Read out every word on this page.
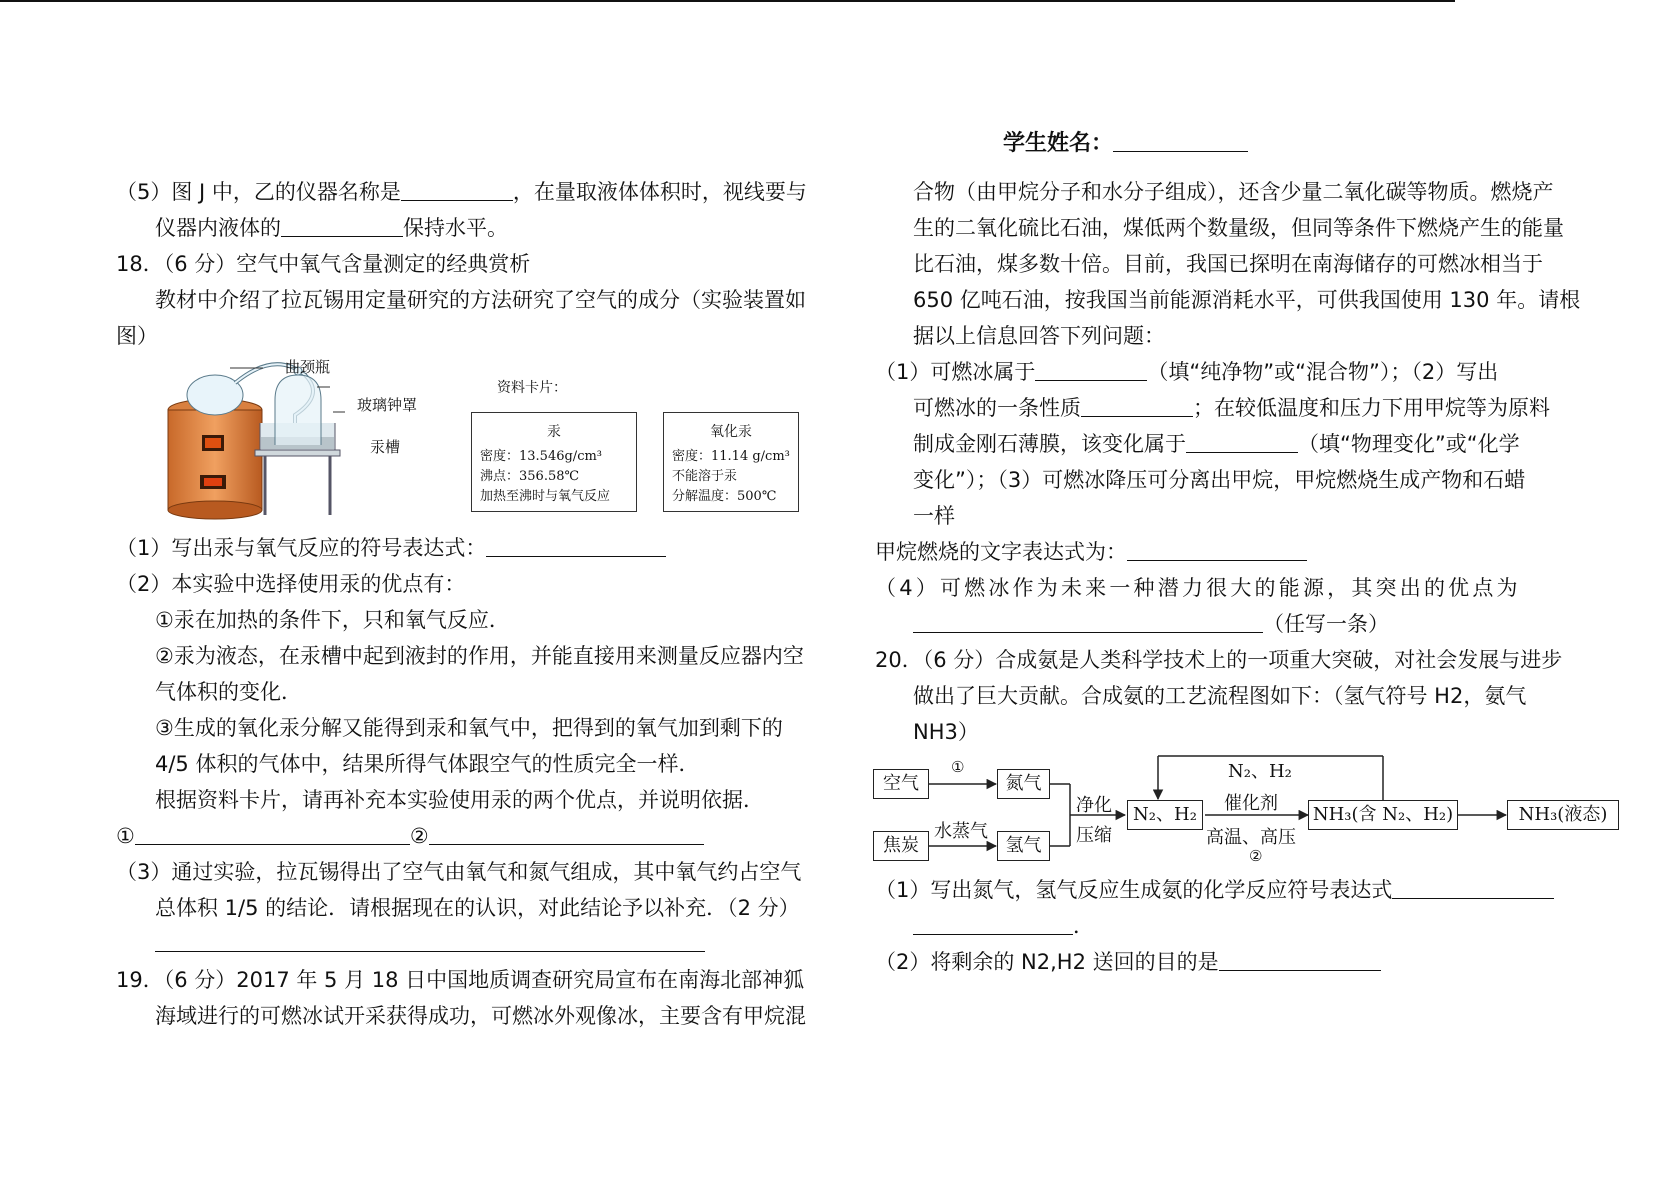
学生姓名：
（5）图 J 中，乙的仪器名称是	，在量取液体体积时，视线要与
仪器内液体的	保持水平。
18．（6 分）空气中氧气含量测定的经典赏析
教材中介绍了拉瓦锡用定量研究的方法研究了空气的成分（实验装置如
图）
曲颈瓶
玻璃钟罩
汞槽
资料卡片：
汞
密度：13.546g/cm³
沸点：356.58℃
加热至沸时与氧气反应
氧化汞
密度：11.14 g/cm³
不能溶于汞
分解温度：500℃
（1）写出汞与氧气反应的符号表达式：
（2）本实验中选择使用汞的优点有：
①汞在加热的条件下，只和氧气反应．
②汞为液态，在汞槽中起到液封的作用，并能直接用来测量反应器内空
气体积的变化．
③生成的氧化汞分解又能得到汞和氧气中，把得到的氧气加到剩下的
4/5 体积的气体中，结果所得气体跟空气的性质完全一样．
根据资料卡片，请再补充本实验使用汞的两个优点，并说明依据．
①	②
（3）通过实验，拉瓦锡得出了空气由氧气和氮气组成，其中氧气约占空气
总体积 1/5 的结论．请根据现在的认识，对此结论予以补充．（2 分）
19．（6 分）2017 年 5 月 18 日中国地质调查研究局宣布在南海北部神狐
海域进行的可燃冰试开采获得成功，可燃冰外观像冰，主要含有甲烷混
合物（由甲烷分子和水分子组成），还含少量二氧化碳等物质。燃烧产
生的二氧化硫比石油，煤低两个数量级，但同等条件下燃烧产生的能量
比石油，煤多数十倍。目前，我国已探明在南海储存的可燃冰相当于
650 亿吨石油，按我国当前能源消耗水平，可供我国使用 130 年。请根
据以上信息回答下列问题：
（1）可燃冰属于	（填“纯净物”或“混合物”）；（2）写出
可燃冰的一条性质	；在较低温度和压力下用甲烷等为原料
制成金刚石薄膜，该变化属于	（填“物理变化”或“化学
变化”）；（3）可燃冰降压可分离出甲烷，甲烷燃烧生成产物和石蜡
一样
甲烷燃烧的文字表达式为：
（4）可燃冰作为未来一种潜力很大的能源，其突出的优点为
（任写一条）
20．（6 分）合成氨是人类科学技术上的一项重大突破，对社会发展与进步
做出了巨大贡献。合成氨的工艺流程图如下：（氢气符号 H2，氨气
NH3）
空气
焦炭
氮气
氢气
①
水蒸气
净化
压缩
N₂、H₂
N₂、H₂
催化剂
高温、高压
②
NH₃(含 N₂、H₂)	NH₃(液态)
（1）写出氮气，氢气反应生成氨的化学反应符号表达式
．
（2）将剩余的 N2,H2 送回的目的是
